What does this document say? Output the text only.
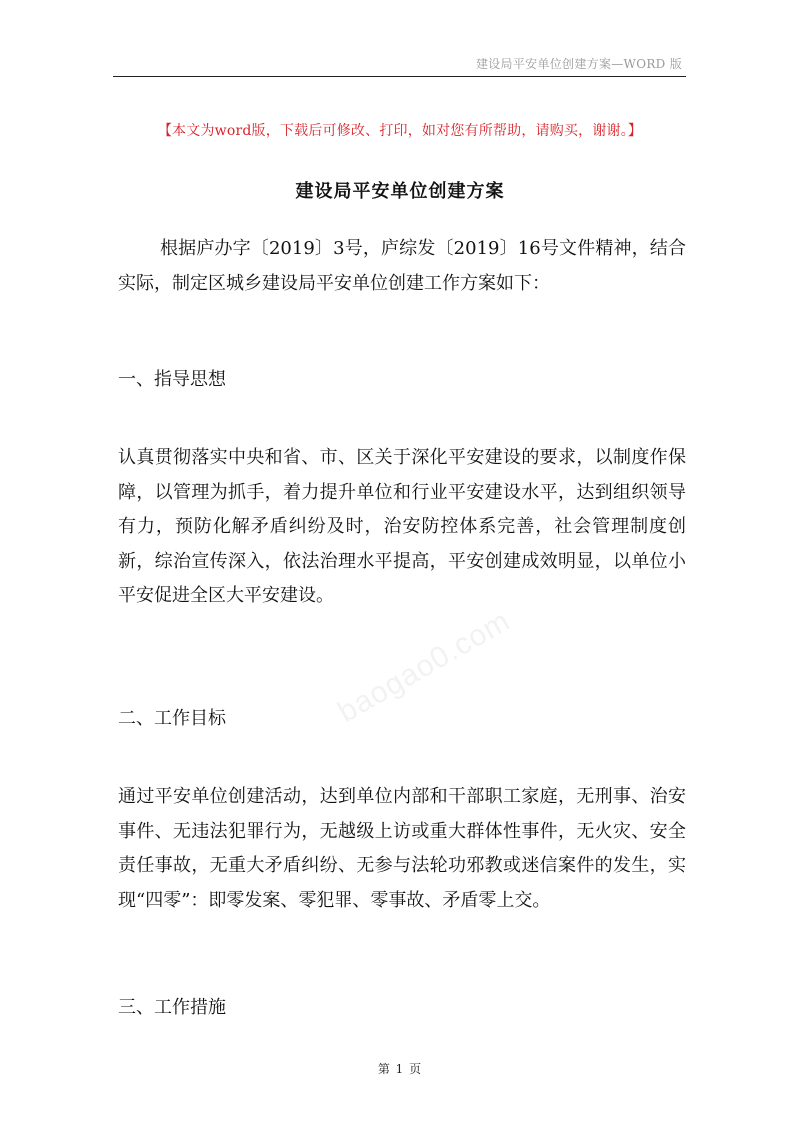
建设局平安单位创建方案—WORD 版
【本文为word版，下载后可修改、打印，如对您有所帮助，请购买，谢谢。】
建设局平安单位创建方案
根据庐办字〔2019〕3号，庐综发〔2019〕16号文件精神，结合实际，制定区城乡建设局平安单位创建工作方案如下：
一、指导思想
认真贯彻落实中央和省、市、区关于深化平安建设的要求，以制度作保障，以管理为抓手，着力提升单位和行业平安建设水平，达到组织领导有力，预防化解矛盾纠纷及时，治安防控体系完善，社会管理制度创新，综治宣传深入，依法治理水平提高，平安创建成效明显，以单位小平安促进全区大平安建设。
二、工作目标
通过平安单位创建活动，达到单位内部和干部职工家庭，无刑事、治安事件、无违法犯罪行为，无越级上访或重大群体性事件，无火灾、安全责任事故，无重大矛盾纠纷、无参与法轮功邪教或迷信案件的发生，实现“四零”：即零发案、零犯罪、零事故、矛盾零上交。
三、工作措施
baogao0.com
第 1 页
